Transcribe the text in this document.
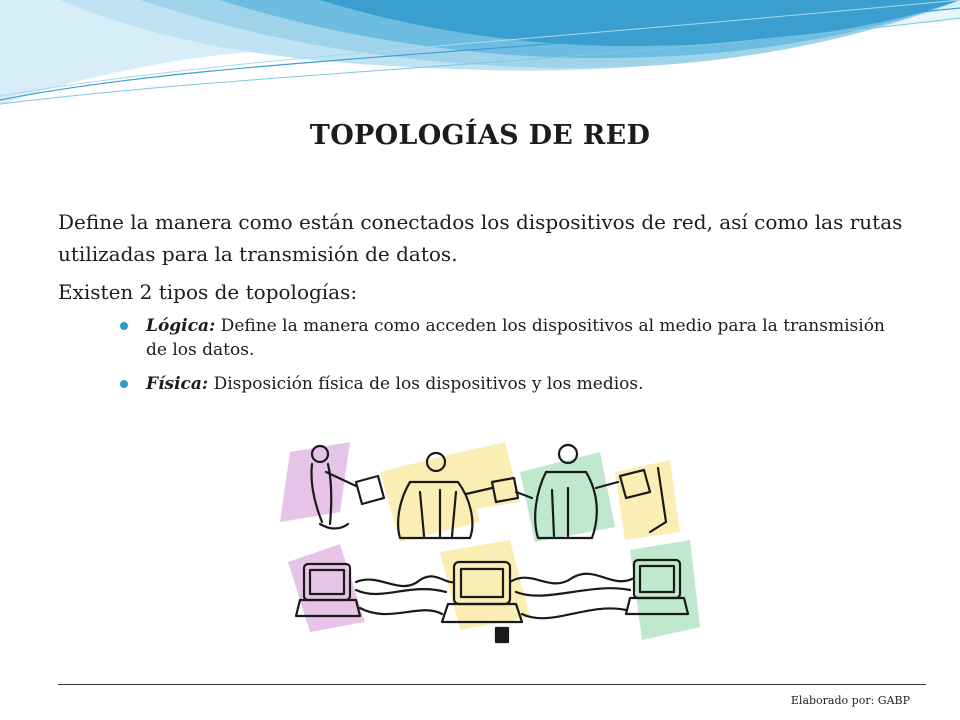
TOPOLOGÍAS DE RED

Define la manera como están conectados los dispositivos de red, así como las rutas utilizadas para la transmisión de datos.

Existen 2 tipos de topologías:

Lógica: Define la manera como acceden los dispositivos al medio para la transmisión de los datos.
Física: Disposición física de los dispositivos y los medios.
Elaborado por: GABP
